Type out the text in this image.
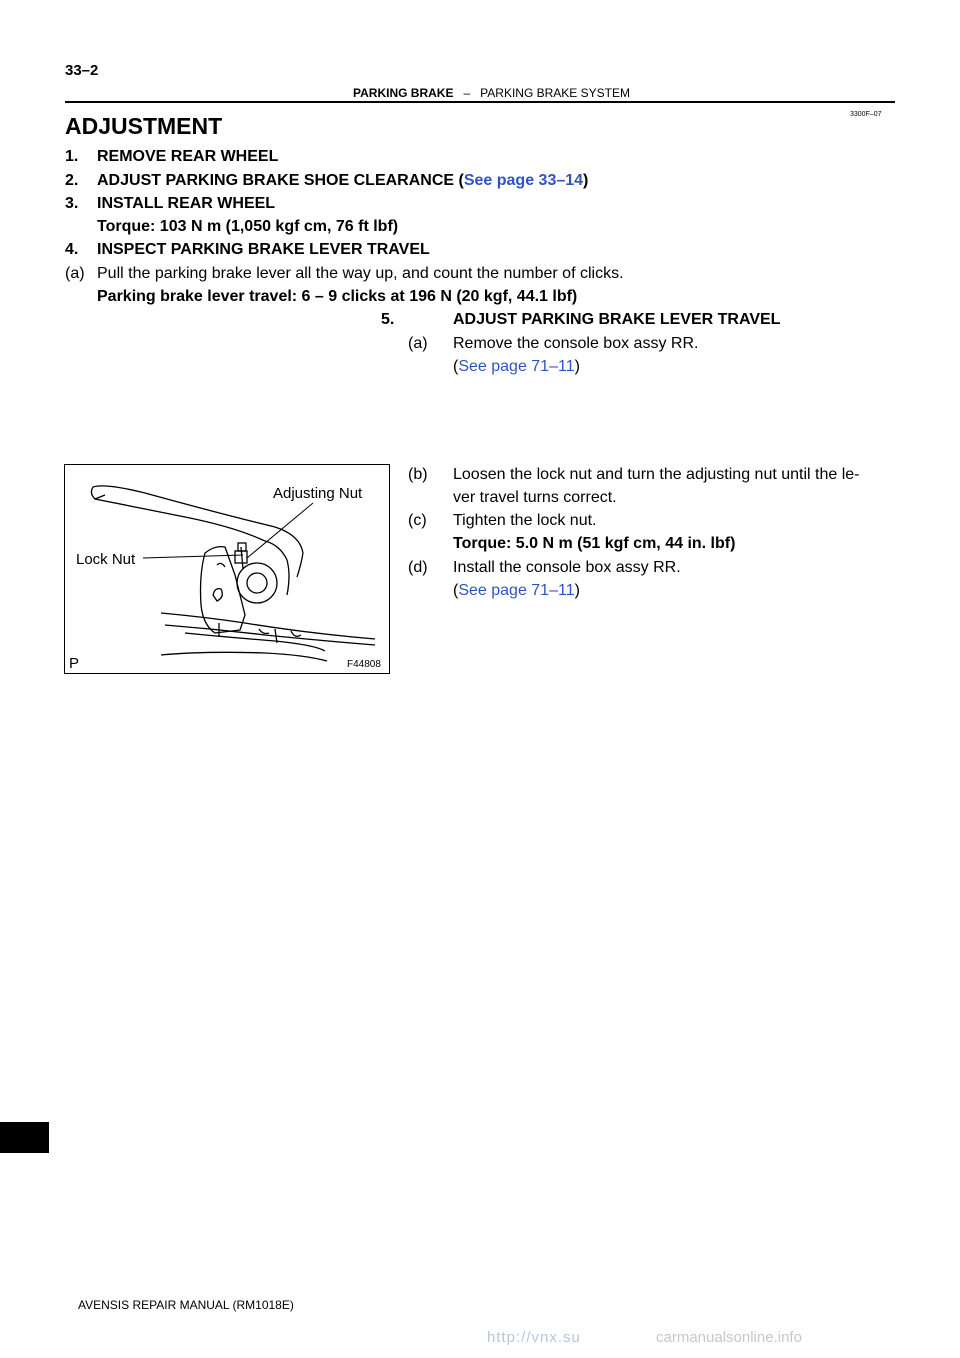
33–2
PARKING BRAKE – PARKING BRAKE SYSTEM
3300F–07
ADJUSTMENT
1. REMOVE REAR WHEEL
2. ADJUST PARKING BRAKE SHOE CLEARANCE (See page 33–14)
3. INSTALL REAR WHEEL
Torque: 103 N m (1,050 kgf cm, 76 ft lbf)
4. INSPECT PARKING BRAKE LEVER TRAVEL
(a) Pull the parking brake lever all the way up, and count the number of clicks.
Parking brake lever travel: 6 – 9 clicks at 196 N (20 kgf, 44.1 lbf)
5.	ADJUST PARKING BRAKE LEVER TRAVEL
(a) Remove the console box assy RR.
(See page 71–11)
(b) Loosen the lock nut and turn the adjusting nut until the le-
ver travel turns correct.
(c) Tighten the lock nut.
Torque: 5.0 N m (51 kgf cm, 44 in. lbf)
(d) Install the console box assy RR.
(See page 71–11)
Adjusting Nut
Lock Nut
P	F44808
AVENSIS REPAIR MANUAL (RM1018E)
http://vnx.su	carmanualsonline.info
